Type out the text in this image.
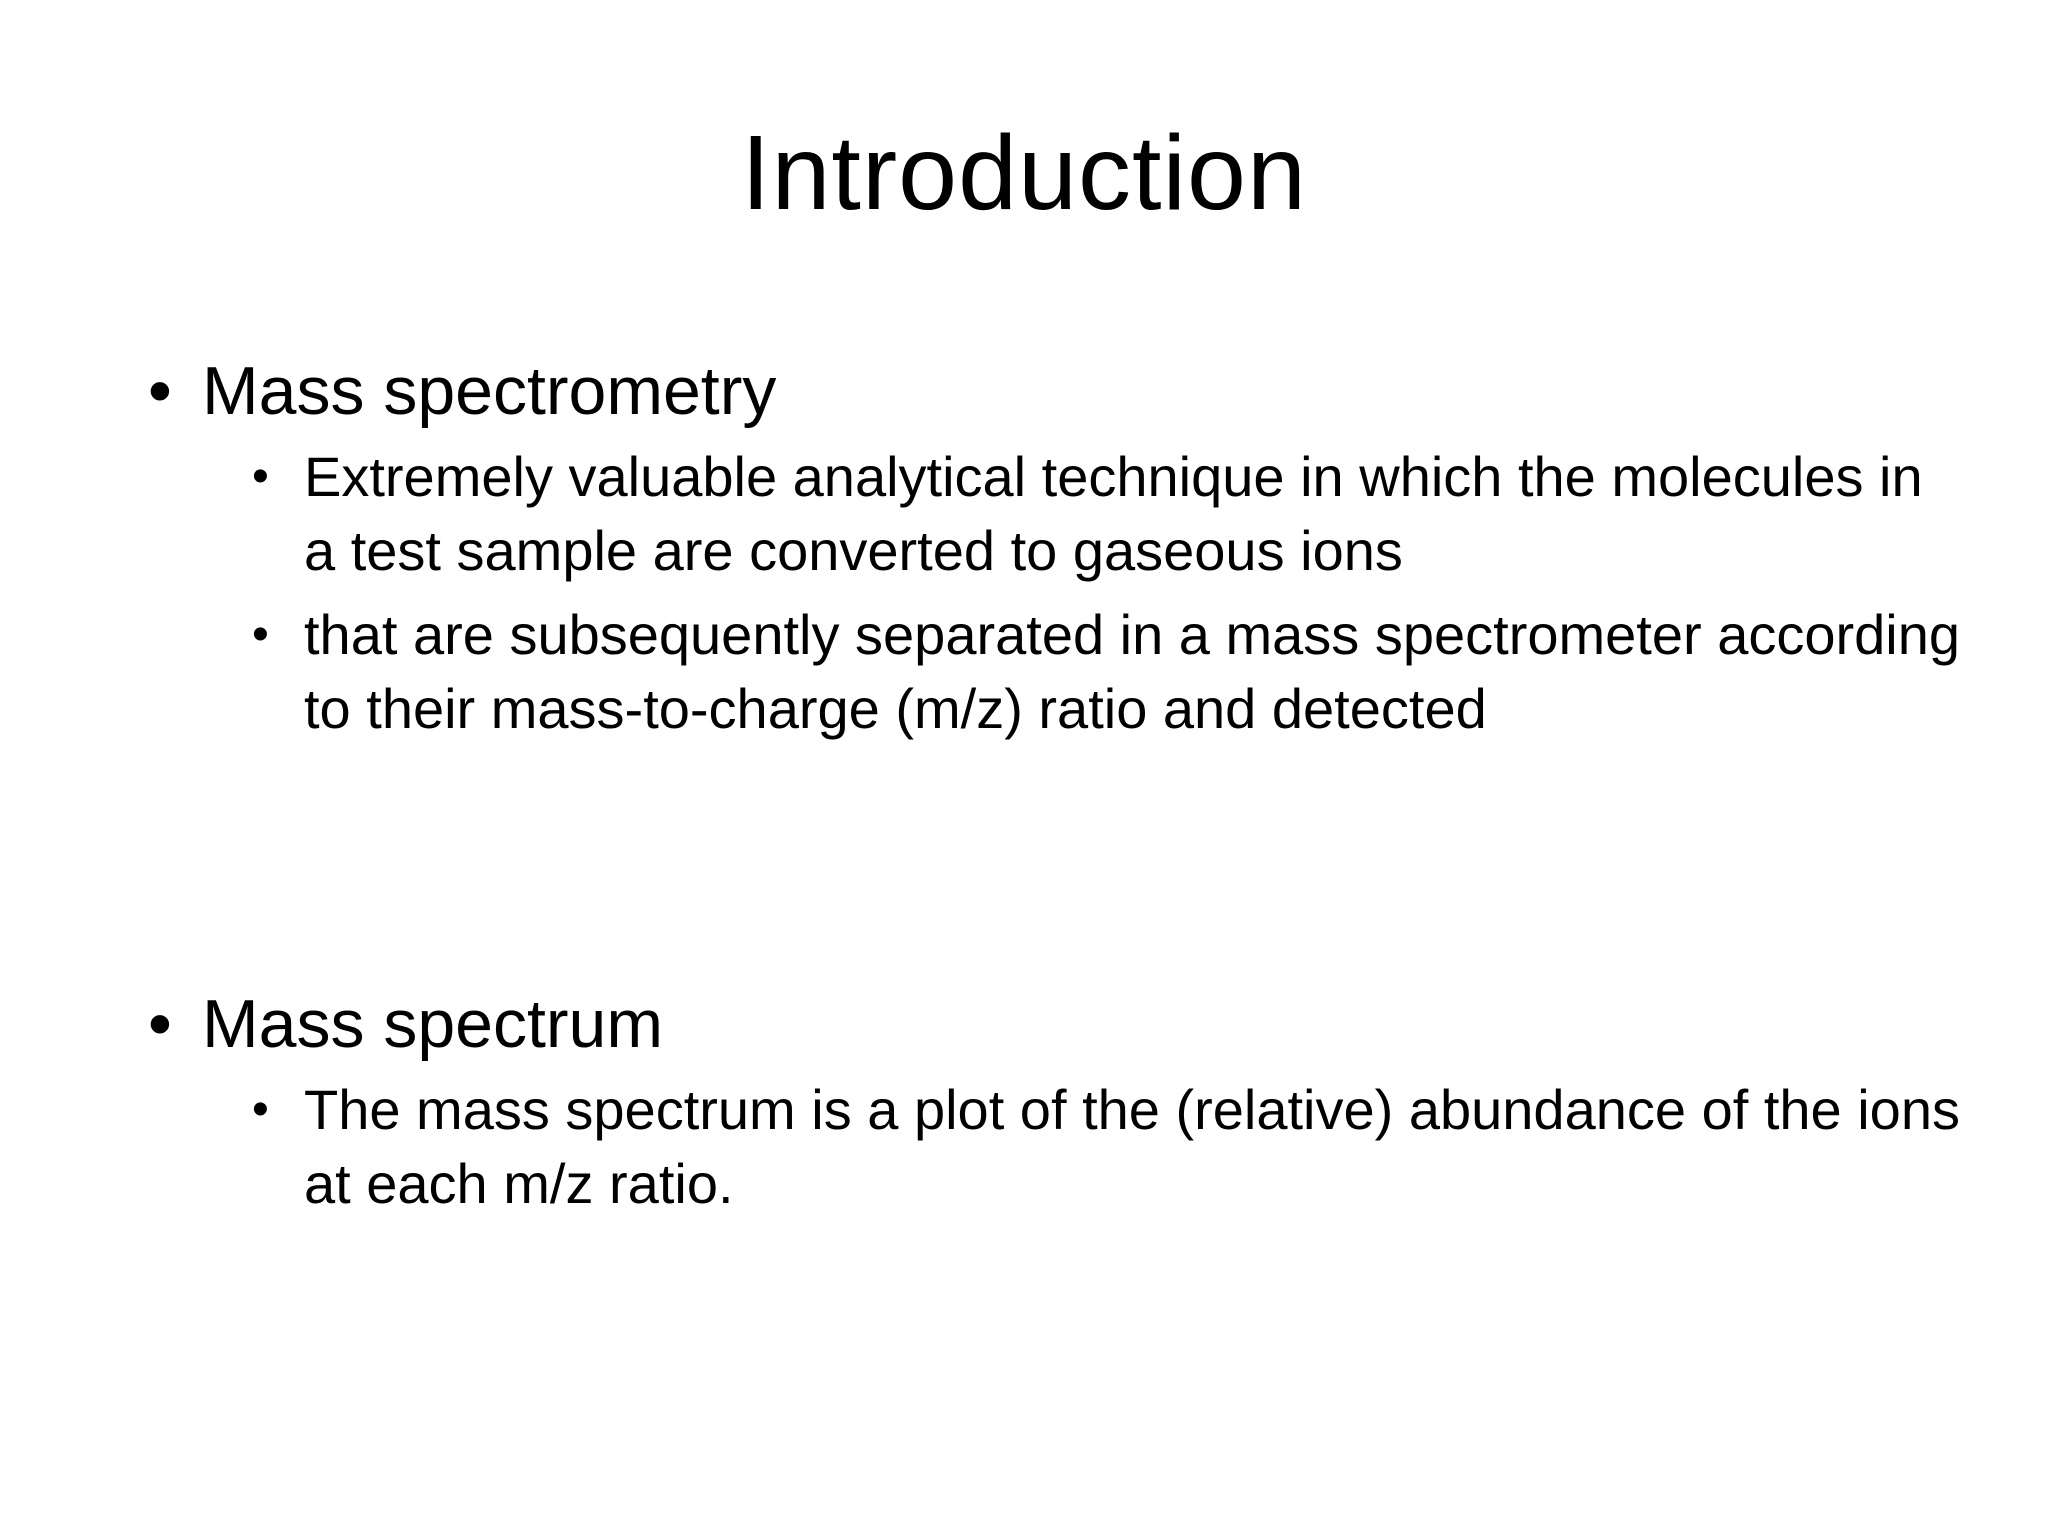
Introduction
• Mass spectrometry
• Extremely valuable analytical technique in which the molecules in a test sample are converted to gaseous ions
• that are subsequently separated in a mass spectrometer according to their mass-to-charge (m/z) ratio and detected
• Mass spectrum
• The mass spectrum is a plot of the (relative) abundance of the ions at each m/z ratio.
